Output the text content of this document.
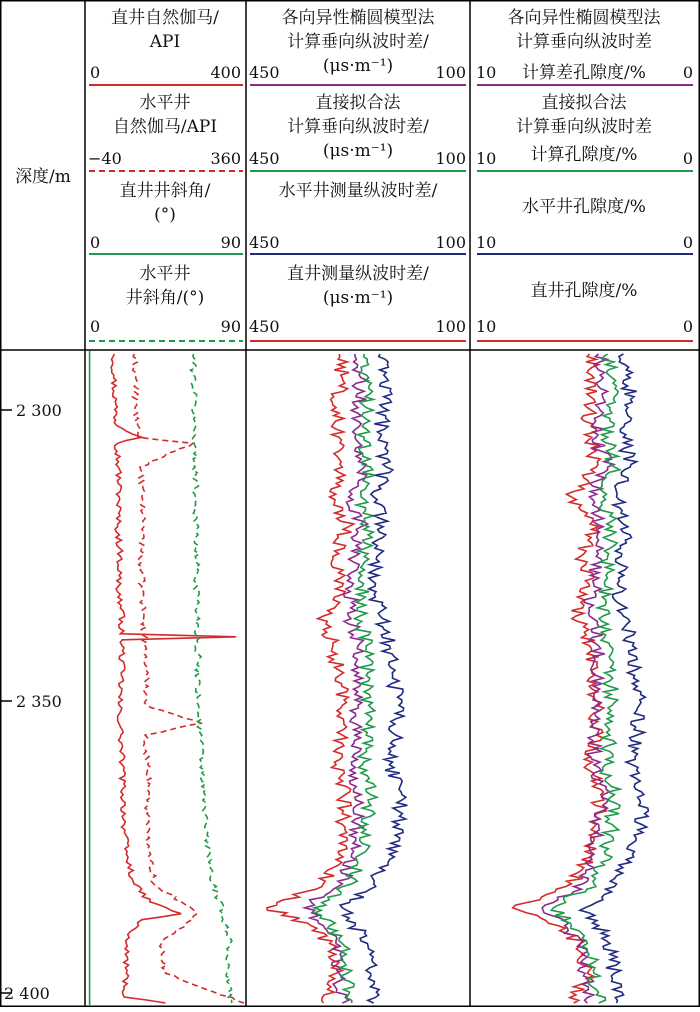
深度/m
2 300
2 350
2 400
直井自然伽马/
API
0	400
水平井
自然伽马/API
−40	360
直井井斜角/
(°)
0	90
水平井
井斜角/(°)
0	90
各向异性椭圆模型法
计算垂向纵波时差/
(μs·m⁻¹)
450	100
直接拟合法
计算垂向纵波时差/
(μs·m⁻¹)
450	100
水平井测量纵波时差/
450	100
直井测量纵波时差/
(μs·m⁻¹)
450	100
各向异性椭圆模型法
计算垂向纵波时差
10 计算差孔隙度/% 0
直接拟合法
计算垂向纵波时差
10 计算孔隙度/%	0
水平井孔隙度/%
10	0
直井孔隙度/%
10	0
